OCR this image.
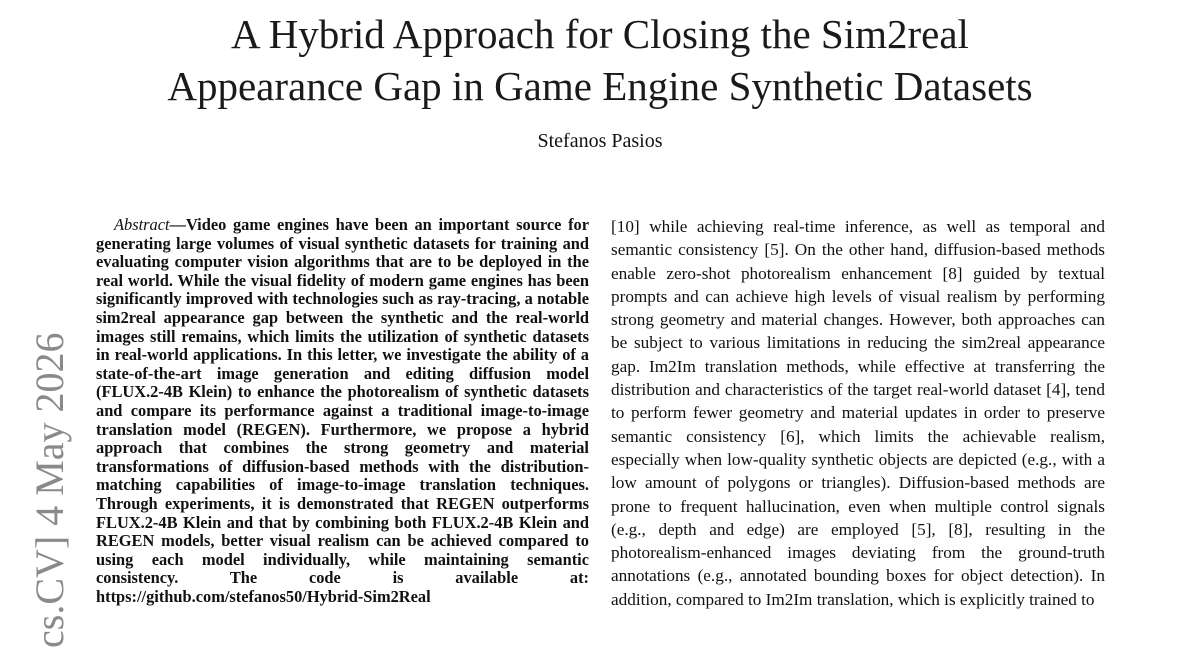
A Hybrid Approach for Closing the Sim2real
Appearance Gap in Game Engine Synthetic Datasets
Stefanos Pasios
cs.CV] 4 May 2026
Abstract—Video game engines have been an important source for generating large volumes of visual synthetic datasets for training and evaluating computer vision algorithms that are to be deployed in the real world. While the visual fidelity of modern game engines has been significantly improved with technologies such as ray-tracing, a notable sim2real appearance gap between the synthetic and the real-world images still remains, which limits the utilization of synthetic datasets in real-world applications. In this letter, we investigate the ability of a state-of-the-art image generation and editing diffusion model (FLUX.2-4B Klein) to enhance the photorealism of synthetic datasets and compare its performance against a traditional image-to-image translation model (REGEN). Furthermore, we propose a hybrid approach that combines the strong geometry and material transformations of diffusion-based methods with the distribution-matching capabilities of image-to-image translation techniques. Through experiments, it is demonstrated that REGEN outperforms FLUX.2-4B Klein and that by combining both FLUX.2-4B Klein and REGEN models, better visual realism can be achieved compared to using each model individually, while maintaining semantic consistency. The code is available at: https://github.com/stefanos50/Hybrid-Sim2Real

[10] while achieving real-time inference, as well as temporal and semantic consistency [5]. On the other hand, diffusion-based methods enable zero-shot photorealism enhancement [8] guided by textual prompts and can achieve high levels of visual realism by performing strong geometry and material changes. However, both approaches can be subject to various limitations in reducing the sim2real appearance gap. Im2Im translation methods, while effective at transferring the distribution and characteristics of the target real-world dataset [4], tend to perform fewer geometry and material updates in order to preserve semantic consistency [6], which limits the achievable realism, especially when low-quality synthetic objects are depicted (e.g., with a low amount of polygons or triangles). Diffusion-based methods are prone to frequent hallucination, even when multiple control signals (e.g., depth and edge) are employed [5], [8], resulting in the photorealism-enhanced images deviating from the ground-truth annotations (e.g., annotated bounding boxes for object detection). In addition, compared to Im2Im translation, which is explicitly trained to
